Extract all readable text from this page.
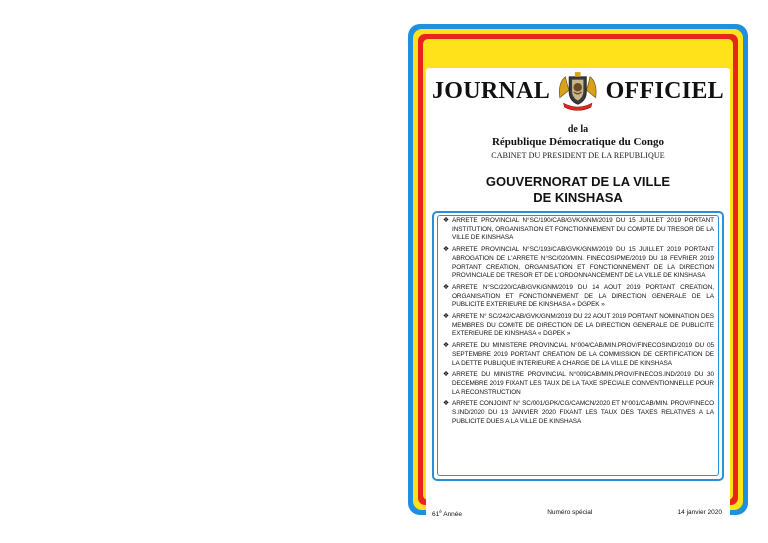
JOURNAL OFFICIEL
de la
République Démocratique du Congo
CABINET DU PRESIDENT DE LA REPUBLIQUE
GOUVERNORAT DE LA VILLE
DE KINSHASA
❖ ARRETE PROVINCIAL N°SC/190/CAB/GVK/GNM/2019 DU 15 JUILLET 2019 PORTANT INSTITUTION, ORGANISATION ET FONCTIONNEMENT DU COMPTE DU TRESOR DE LA VILLE DE KINSHASA
❖ ARRETE PROVINCIAL N°SC/193/CAB/GVK/GNM/2019 DU 15 JUILLET 2019 PORTANT ABROGATION DE L'ARRETE N°SC/020/MIN. FINECOSIPME/2019 DU 18 FEVRIER 2019 PORTANT CREATION, ORGANISATION ET FONCTIONNEMENT DE LA DIRECTION PROVINCIALE DE TRESOR ET DE L'ORDONNANCEMENT DE LA VILLE DE KINSHASA
❖ ARRETE N°SC/220/CAB/GVK/GNM/2019 DU 14 AOUT 2019 PORTANT CREATION, ORGANISATION ET FONCTIONNEMENT DE LA DIRECTION GENERALE DE LA PUBLICITE EXTERIEURE DE KINSHASA « DGPEK »
❖ ARRETE N° SC/242/CAB/GVK/GNM/2019 DU 22 AOUT 2019 PORTANT NOMINATION DES MEMBRES DU COMITE DE DIRECTION DE LA DIRECTION GENERALE DE PUBLICITE EXTERIEURE DE KINSHASA « DGPEK »
❖ ARRETE DU MINISTERE PROVINCIAL N°004/CAB/MIN.PROV/FINECOSIND/2019 DU 05 SEPTEMBRE 2019 PORTANT CREATION DE LA COMMISSION DE CERTIFICATION DE LA DETTE PUBLIQUE INTERIEURE A CHARGE DE LA VILLE DE KINSHASA
❖ ARRETE DU MINISTRE PROVINCIAL N°009CAB/MIN.PROV/FINECOS.IND/2019 DU 30 DECEMBRE 2019 FIXANT LES TAUX DE LA TAXE SPECIALE CONVENTIONNELLE POUR LA RECONSTRUCTION
❖ ARRETE CONJOINT N° SC/001/GPK/CG/CAMCN/2020 ET N°001/CAB/MIN. PROV/FINECO S.IND/2020 DU 13 JANVIER 2020 FIXANT LES TAUX DES TAXES RELATIVES A LA PUBLICITE DUES A LA VILLE DE KINSHASA
$61^è$ Année	Numéro spécial	14 janvier 2020
